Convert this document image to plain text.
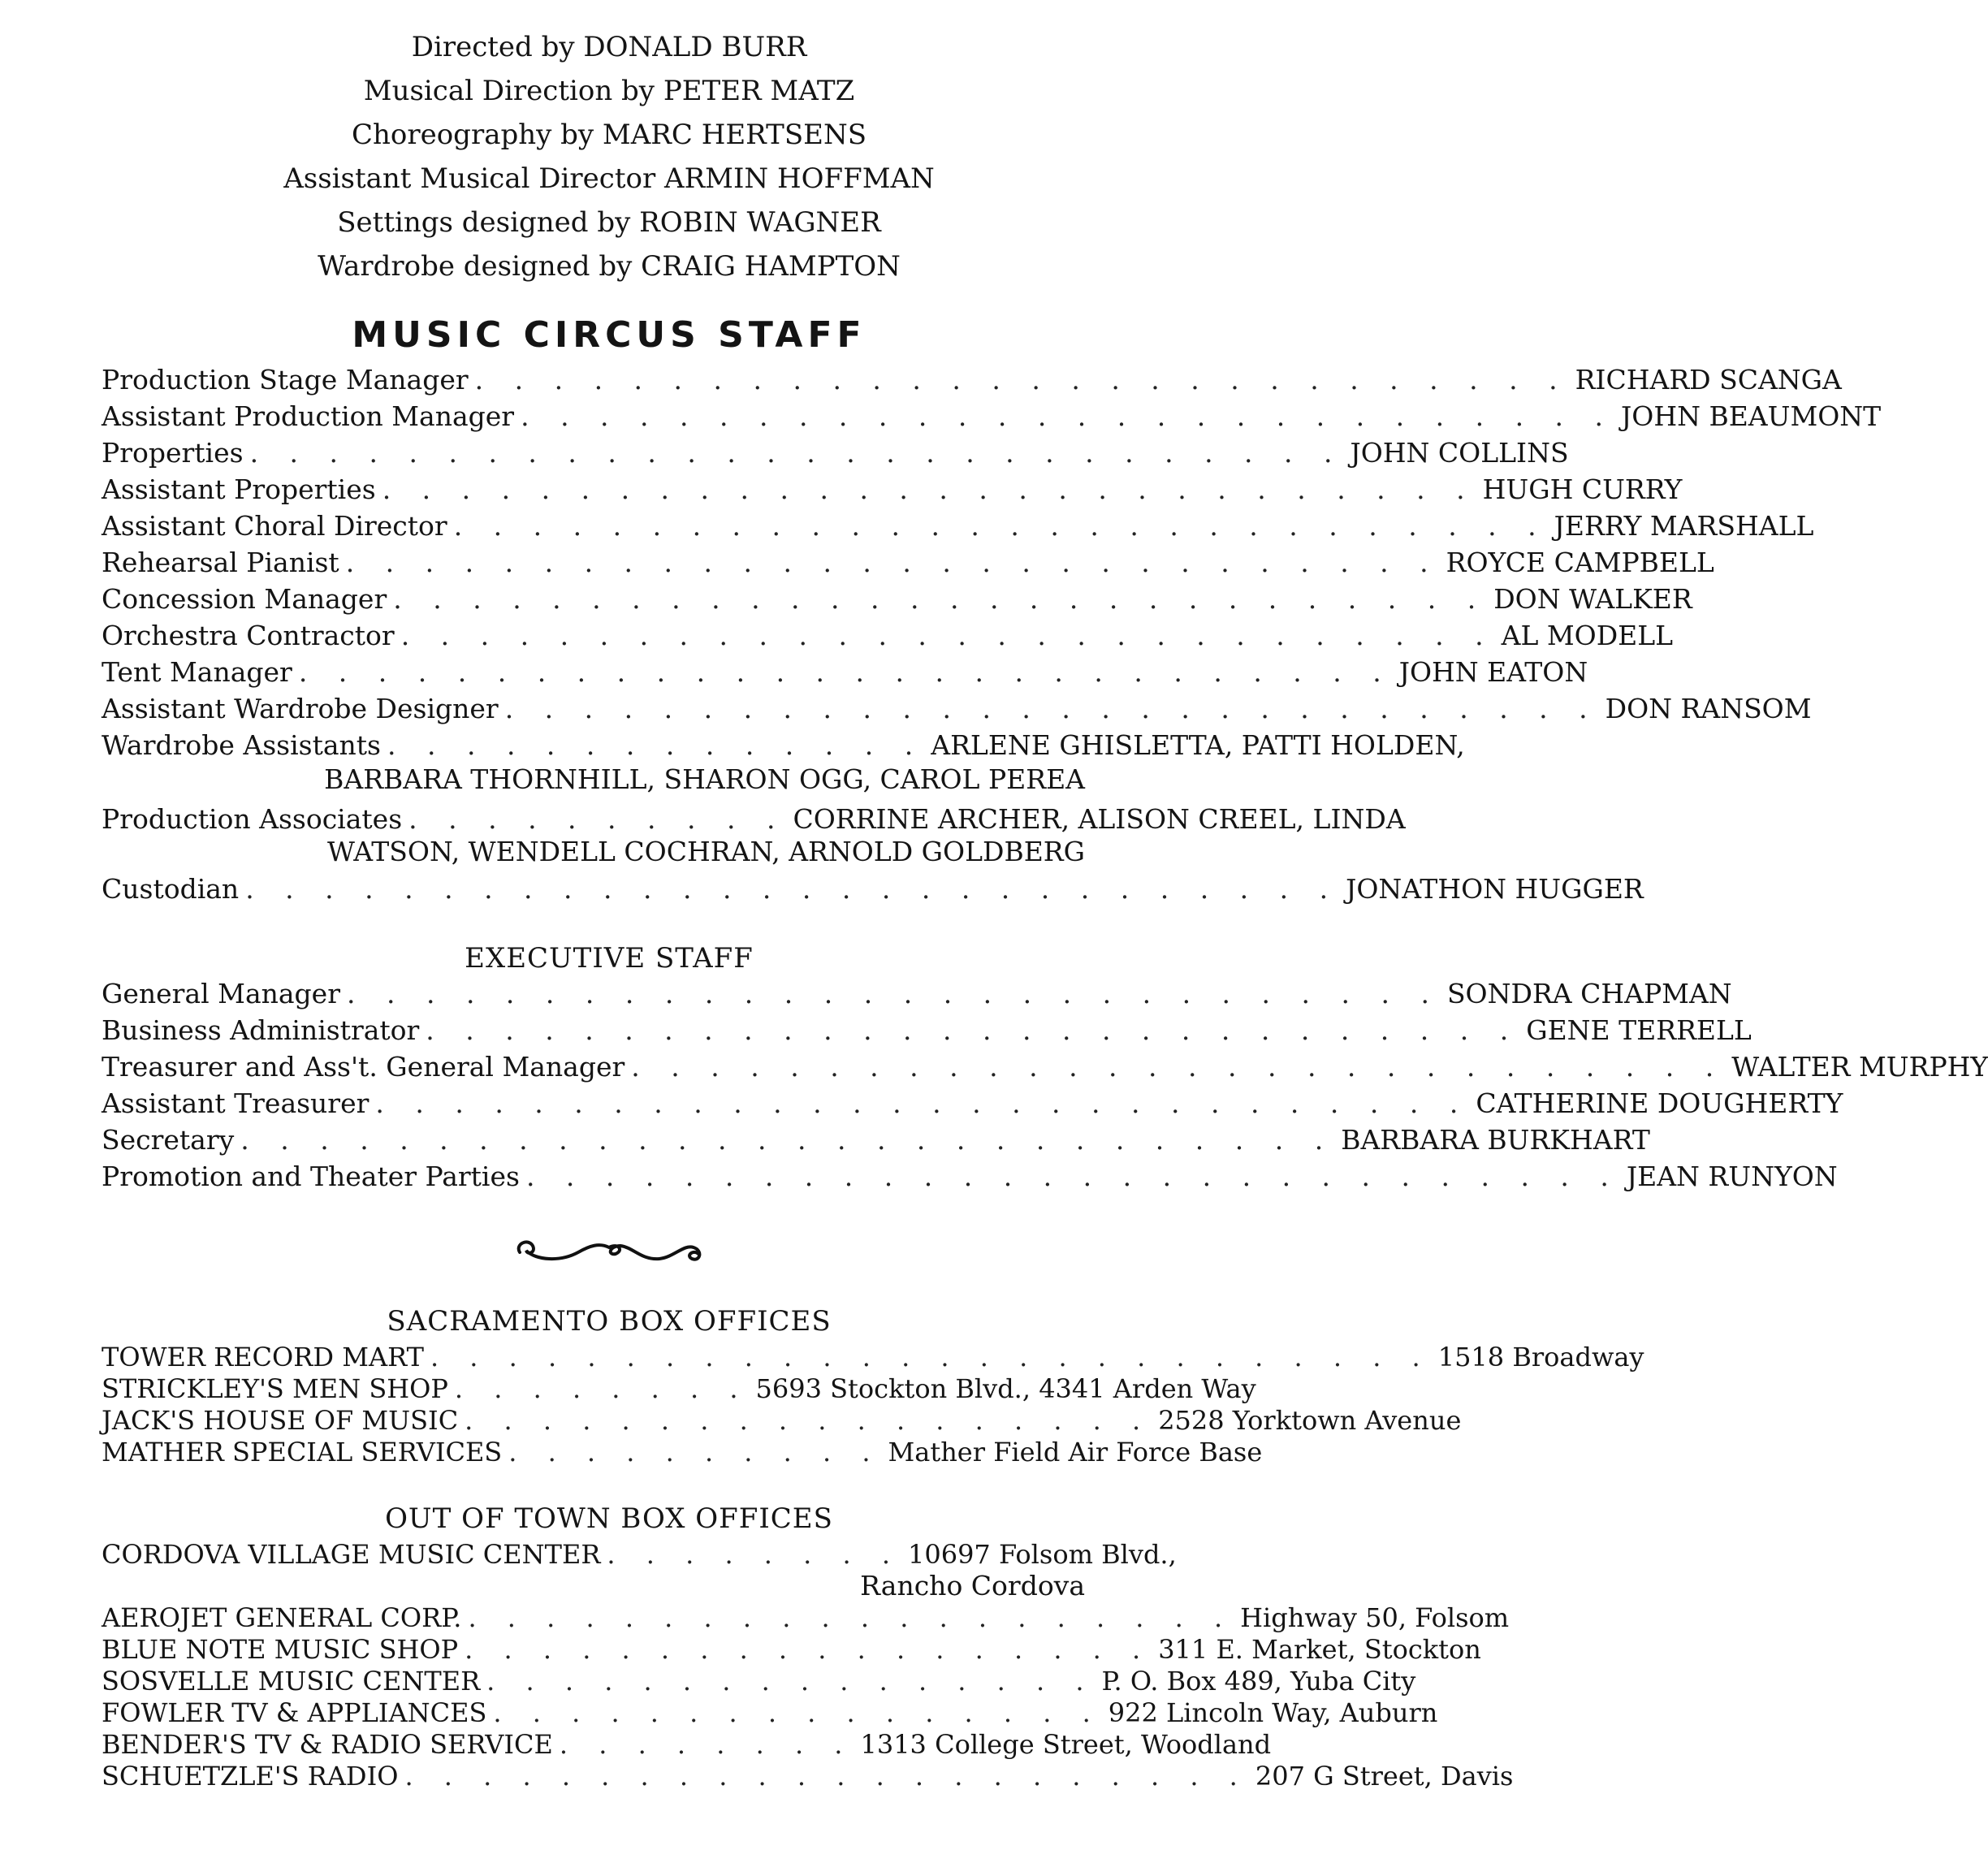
Directed by DONALD BURR
Musical Direction by PETER MATZ
Choreography by MARC HERTSENS
Assistant Musical Director ARMIN HOFFMAN
Settings designed by ROBIN WAGNER
Wardrobe designed by CRAIG HAMPTON
MUSIC CIRCUS STAFF
Production Stage Manager . . . . . . . . . . . . . . . . . . . . . . . . . . . . RICHARD SCANGA
Assistant Production Manager . . . . . . . . . . . . . . . . . . . . . . . . . . . . JOHN BEAUMONT
Properties . . . . . . . . . . . . . . . . . . . . . . . . . . . . JOHN COLLINS
Assistant Properties . . . . . . . . . . . . . . . . . . . . . . . . . . . . HUGH CURRY
Assistant Choral Director . . . . . . . . . . . . . . . . . . . . . . . . . . . . JERRY MARSHALL
Rehearsal Pianist . . . . . . . . . . . . . . . . . . . . . . . . . . . . ROYCE CAMPBELL
Concession Manager . . . . . . . . . . . . . . . . . . . . . . . . . . . . DON WALKER
Orchestra Contractor . . . . . . . . . . . . . . . . . . . . . . . . . . . . AL MODELL
Tent Manager . . . . . . . . . . . . . . . . . . . . . . . . . . . . JOHN EATON
Assistant Wardrobe Designer . . . . . . . . . . . . . . . . . . . . . . . . . . . . DON RANSOM
Wardrobe Assistants . . . . . . . . . . . . . . ARLENE GHISLETTA, PATTI HOLDEN,
BARBARA THORNHILL, SHARON OGG, CAROL PEREA
Production Associates . . . . . . . . . . CORRINE ARCHER, ALISON CREEL, LINDA
WATSON, WENDELL COCHRAN, ARNOLD GOLDBERG
Custodian . . . . . . . . . . . . . . . . . . . . . . . . . . . . JONATHON HUGGER
EXECUTIVE STAFF
General Manager . . . . . . . . . . . . . . . . . . . . . . . . . . . . SONDRA CHAPMAN
Business Administrator . . . . . . . . . . . . . . . . . . . . . . . . . . . . GENE TERRELL
Treasurer and Ass't. General Manager . . . . . . . . . . . . . . . . . . . . . . . . . . . . WALTER MURPHY
Assistant Treasurer . . . . . . . . . . . . . . . . . . . . . . . . . . . . CATHERINE DOUGHERTY
Secretary . . . . . . . . . . . . . . . . . . . . . . . . . . . . BARBARA BURKHART
Promotion and Theater Parties . . . . . . . . . . . . . . . . . . . . . . . . . . . . JEAN RUNYON
SACRAMENTO BOX OFFICES
TOWER RECORD MART . . . . . . . . . . . . . . . . . . . . . . . . . . 1518 Broadway
STRICKLEY'S MEN SHOP . . . . . . . . 5693 Stockton Blvd., 4341 Arden Way
JACK'S HOUSE OF MUSIC . . . . . . . . . . . . . . . . . . 2528 Yorktown Avenue
MATHER SPECIAL SERVICES . . . . . . . . . . Mather Field Air Force Base
OUT OF TOWN BOX OFFICES
CORDOVA VILLAGE MUSIC CENTER . . . . . . . . 10697 Folsom Blvd.,
Rancho Cordova
AEROJET GENERAL CORP. . . . . . . . . . . . . . . . . . . . . Highway 50, Folsom
BLUE NOTE MUSIC SHOP . . . . . . . . . . . . . . . . . . 311 E. Market, Stockton
SOSVELLE MUSIC CENTER . . . . . . . . . . . . . . . . P. O. Box 489, Yuba City
FOWLER TV & APPLIANCES . . . . . . . . . . . . . . . . 922 Lincoln Way, Auburn
BENDER'S TV & RADIO SERVICE . . . . . . . . 1313 College Street, Woodland
SCHUETZLE'S RADIO . . . . . . . . . . . . . . . . . . . . . . 207 G Street, Davis
